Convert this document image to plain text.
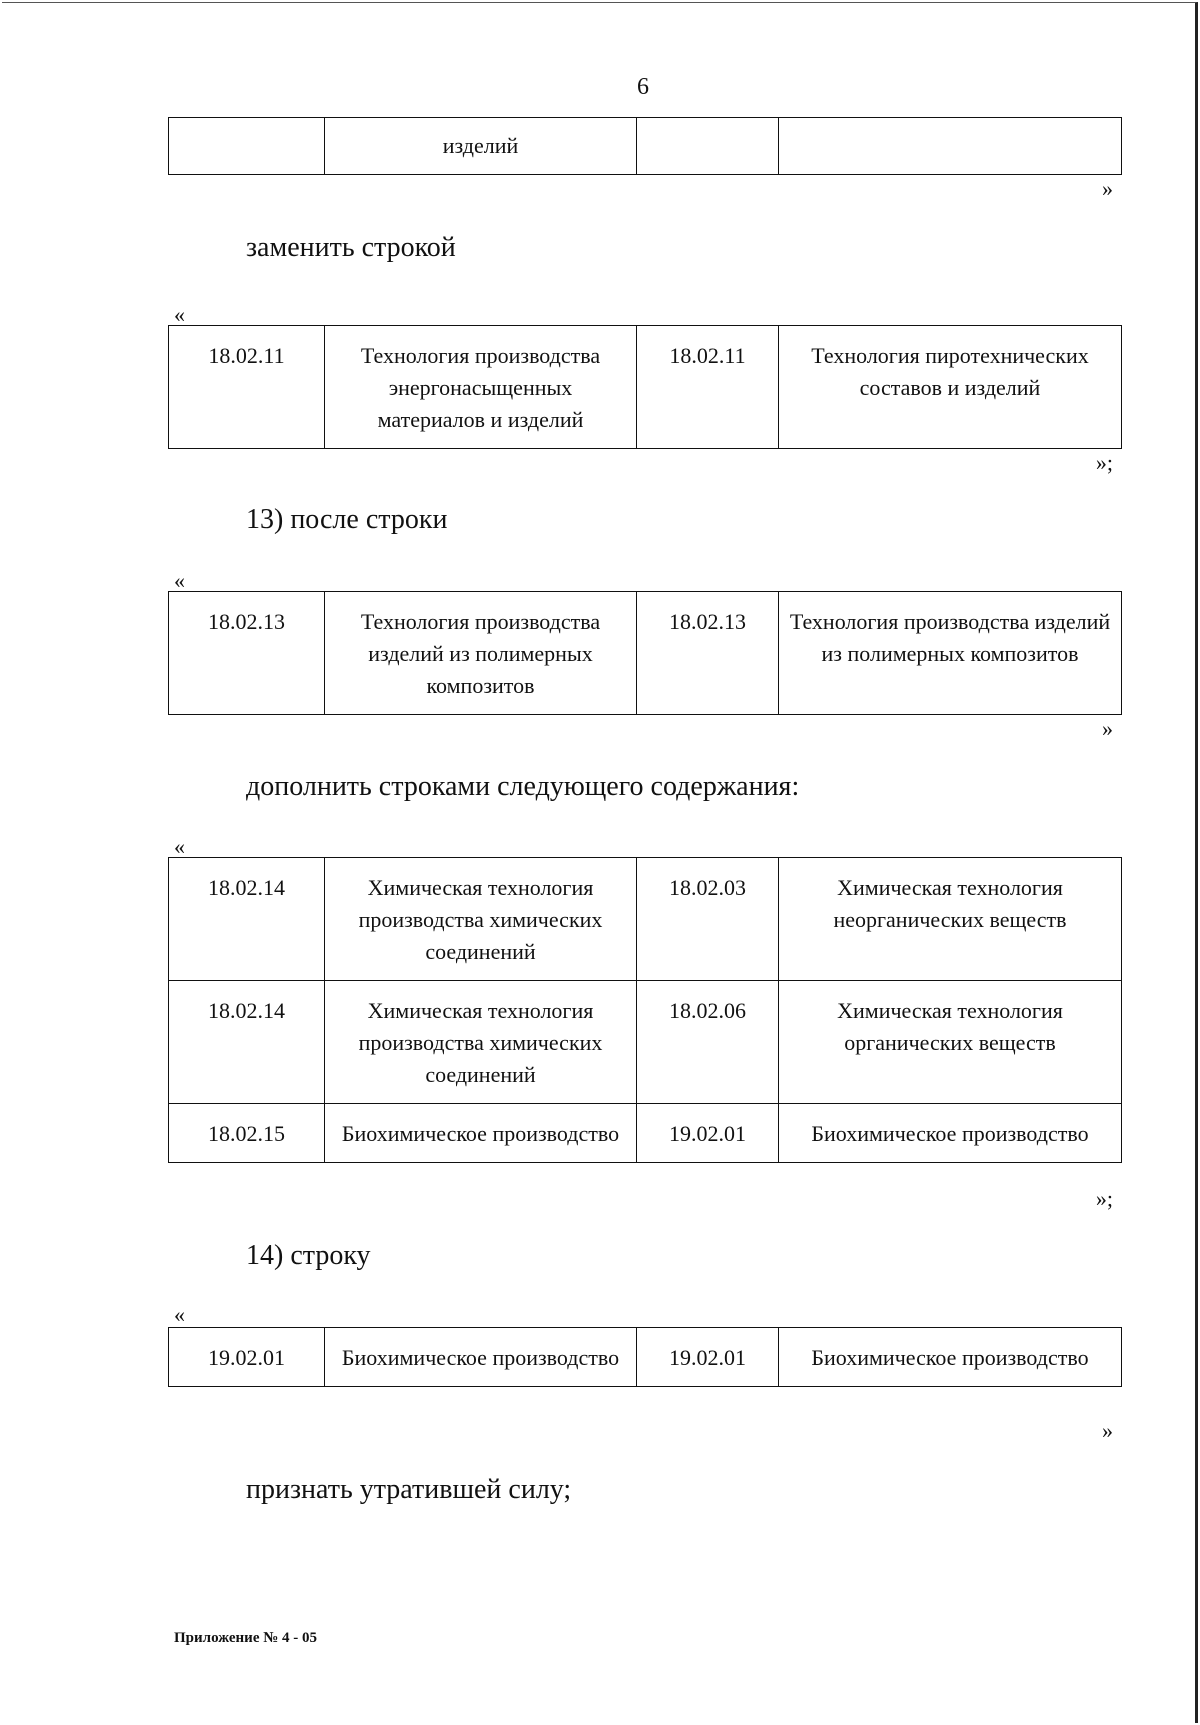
6
	изделий		
»
заменить строкой
«
18.02.11	Технология производства энергонасыщенных материалов и изделий	18.02.11	Технология пиротехнических составов и изделий
»;
13) после строки
«
18.02.13	Технология производства изделий из полимерных композитов	18.02.13	Технология производства изделий из полимерных композитов
»
дополнить строками следующего содержания:
«
18.02.14	Химическая технология производства химических соединений	18.02.03	Химическая технология неорганических веществ
18.02.14	Химическая технология производства химических соединений	18.02.06	Химическая технология органических веществ
18.02.15	Биохимическое производство	19.02.01	Биохимическое производство
»;
14) строку
«
19.02.01	Биохимическое производство	19.02.01	Биохимическое производство
»
признать утратившей силу;
Приложение № 4 - 05
